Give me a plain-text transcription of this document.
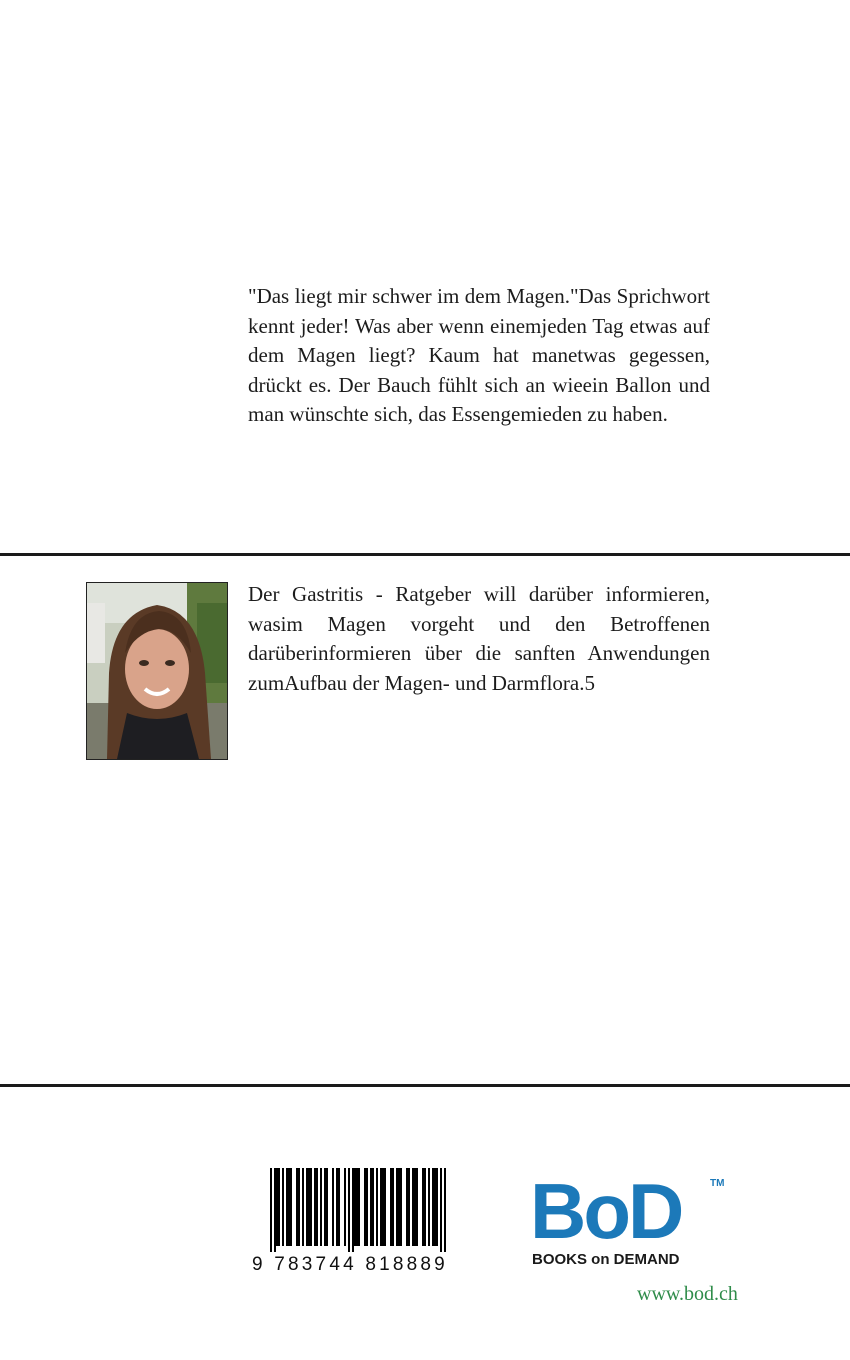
"Das liegt mir schwer im dem Magen."Das Sprichwort kennt jeder! Was aber wenn einemjeden Tag etwas auf dem Magen liegt? Kaum hat manetwas gegessen, drückt es. Der Bauch fühlt sich an wieein Ballon und man wünschte sich, das Essengemieden zu haben.

Der Gastritis - Ratgeber will darüber informieren, wasim Magen vorgeht und den Betroffenen darüberinformieren über die sanften Anwendungen zumAufbau der Magen- und Darmflora.5

9 783744 818889
BoD	TM
BOOKS on DEMAND
www.bod.ch
